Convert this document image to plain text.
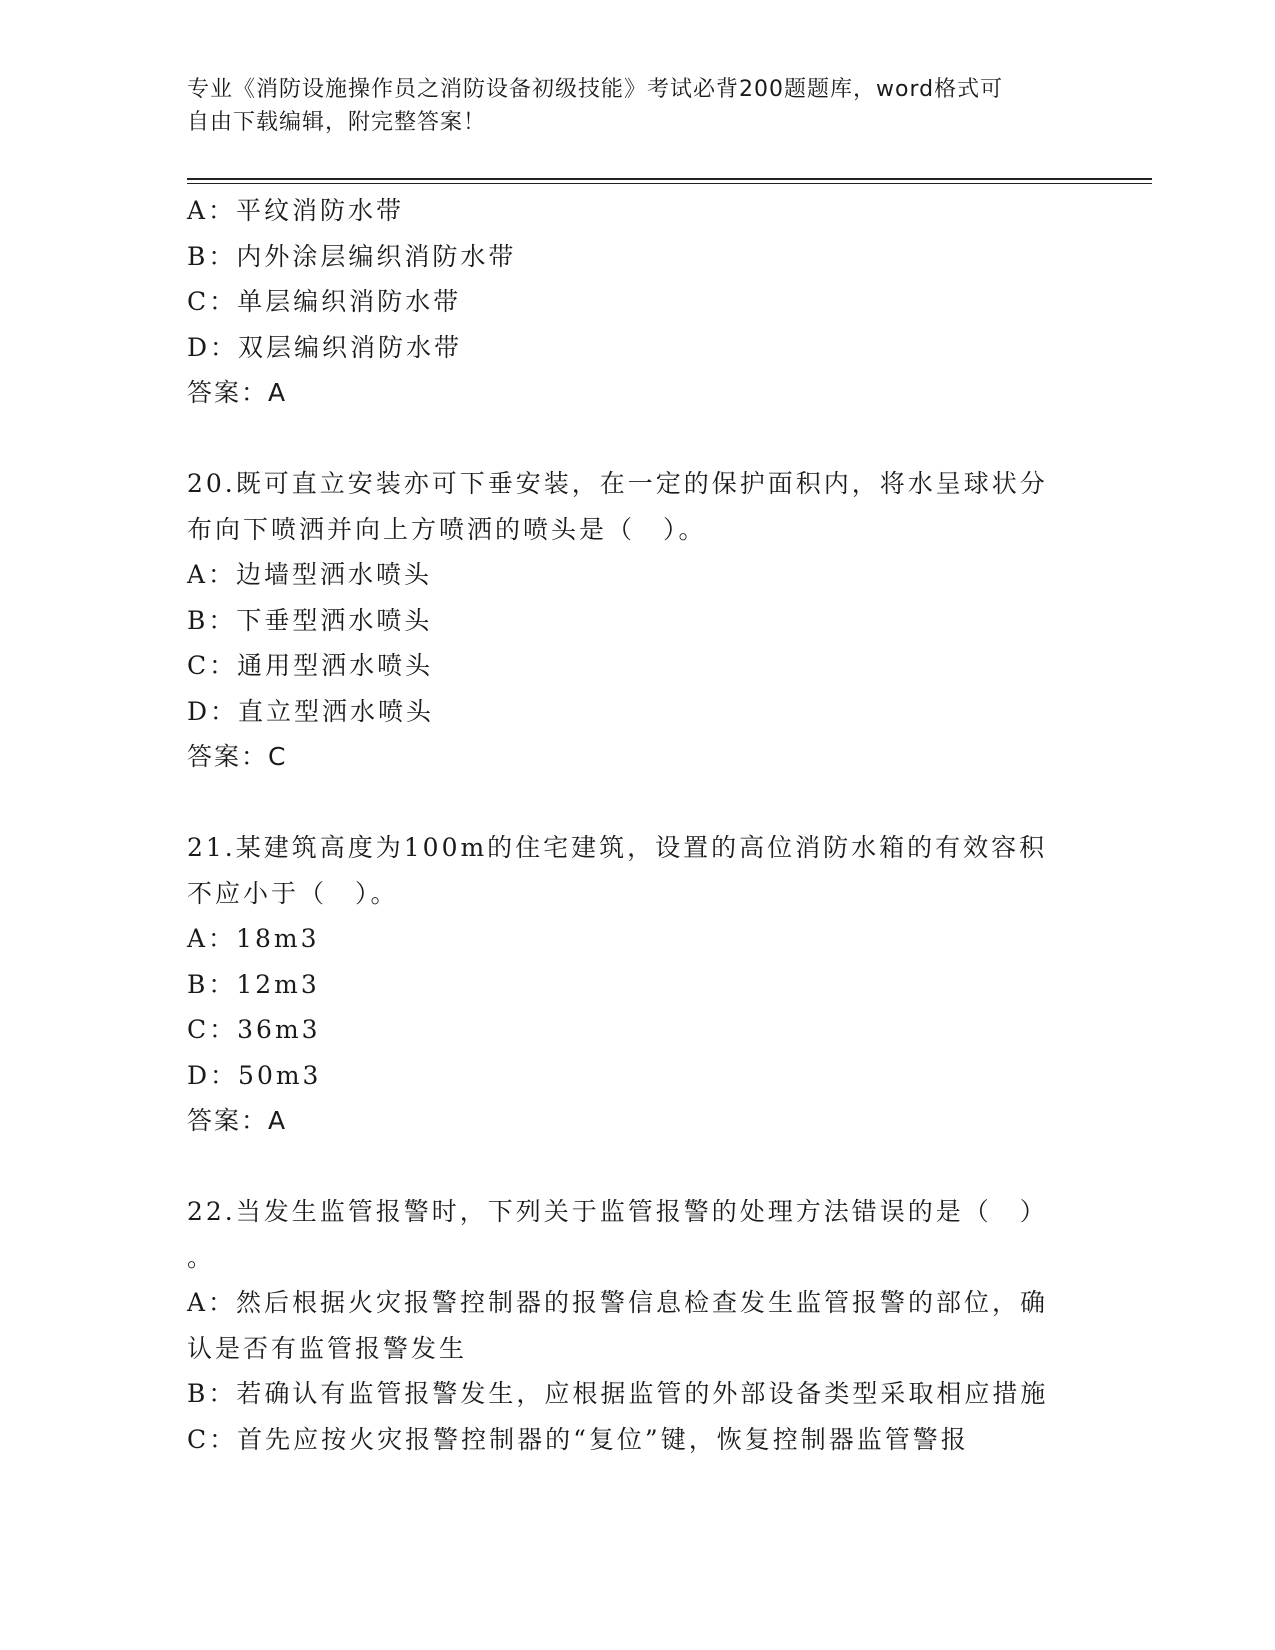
专业《消防设施操作员之消防设备初级技能》考试必背200题题库，word格式可
自由下载编辑，附完整答案！

A：平纹消防水带

B：内外涂层编织消防水带

C：单层编织消防水带

D：双层编织消防水带

答案：A

20.既可直立安装亦可下垂安装，在一定的保护面积内，将水呈球状分

布向下喷洒并向上方喷洒的喷头是（　）。

A：边墙型洒水喷头

B：下垂型洒水喷头

C：通用型洒水喷头

D：直立型洒水喷头

答案：C

21.某建筑高度为100m的住宅建筑，设置的高位消防水箱的有效容积

不应小于（　）。

A：18m3

B：12m3

C：36m3

D：50m3

答案：A

22.当发生监管报警时，下列关于监管报警的处理方法错误的是（　）

。

A：然后根据火灾报警控制器的报警信息检查发生监管报警的部位，确

认是否有监管报警发生

B：若确认有监管报警发生，应根据监管的外部设备类型采取相应措施

C：首先应按火灾报警控制器的“复位”键，恢复控制器监管警报
